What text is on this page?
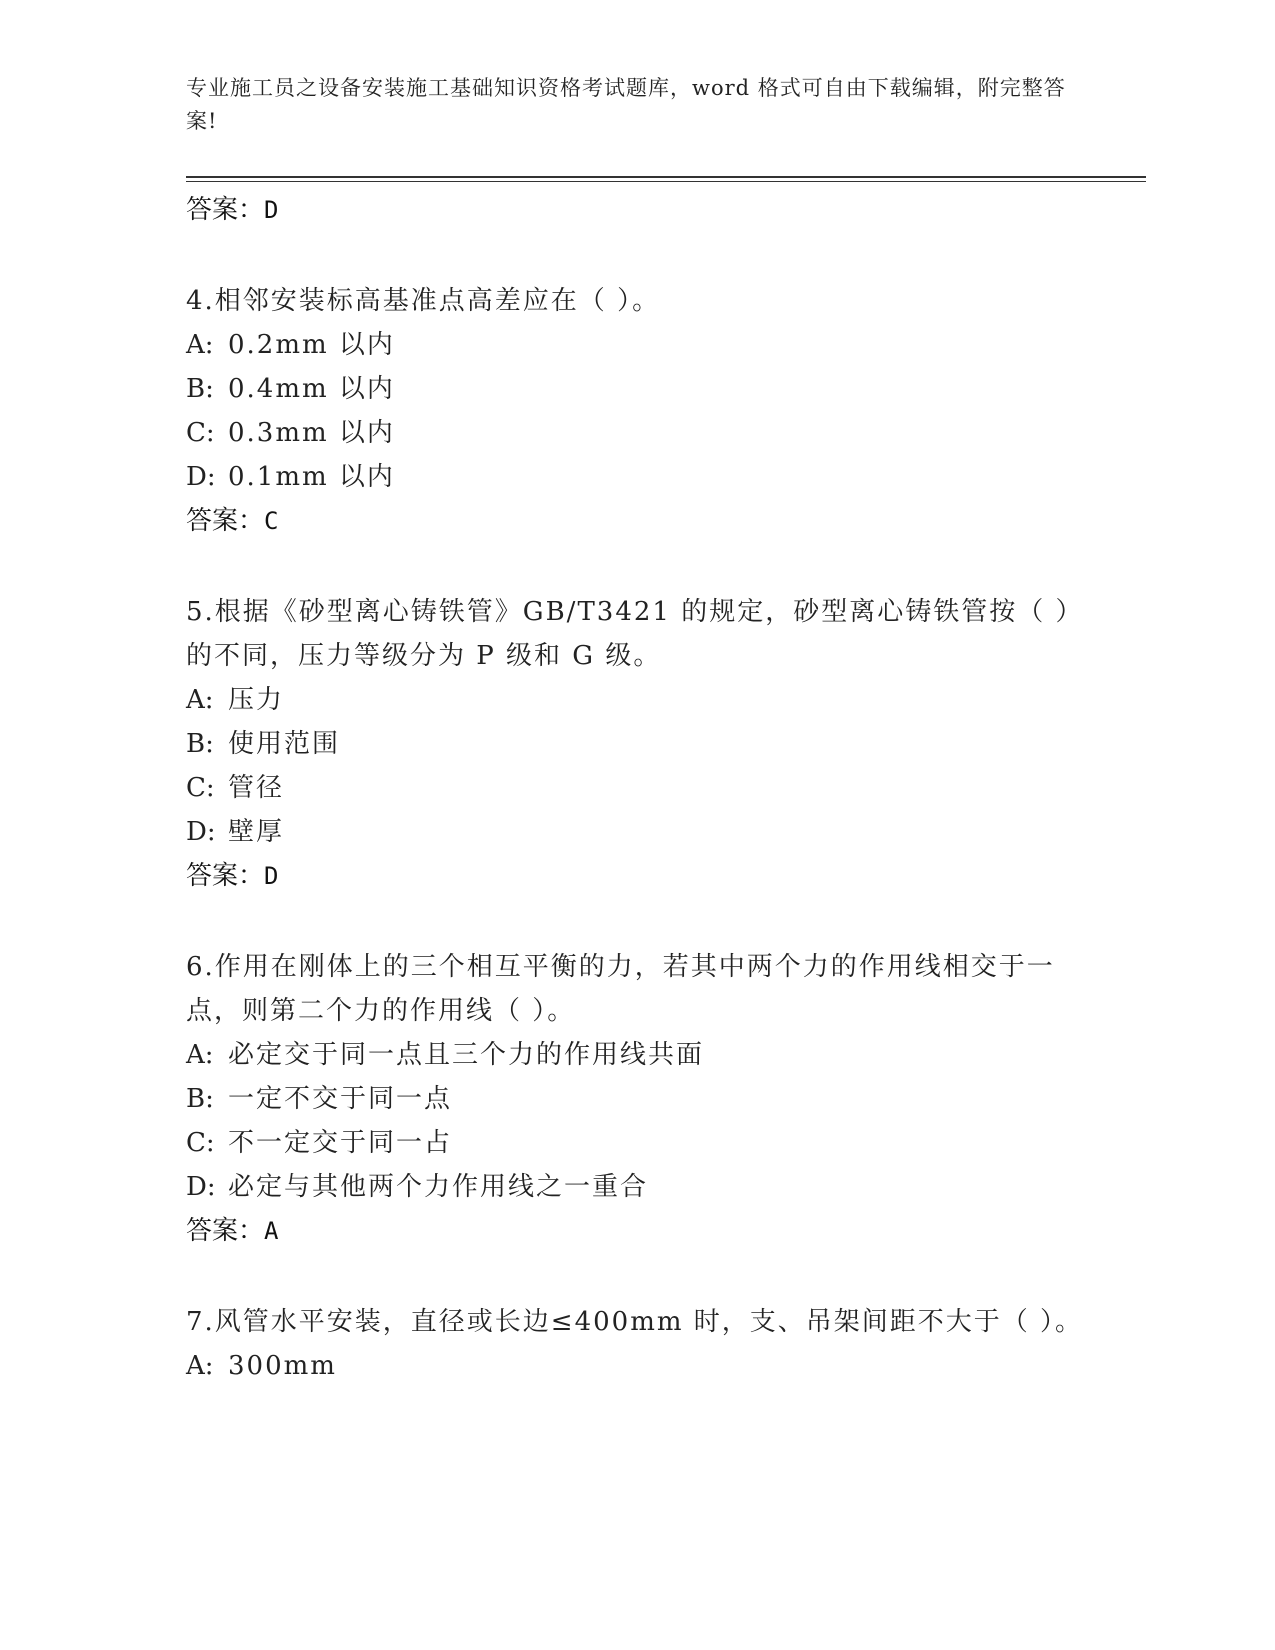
专业施工员之设备安装施工基础知识资格考试题库，word 格式可自由下载编辑，附完整答案!
答案：D
4.相邻安装标高基准点高差应在（ ）。
A: 0.2mm 以内
B: 0.4mm 以内
C: 0.3mm 以内
D: 0.1mm 以内
答案：C
5.根据《砂型离心铸铁管》GB/T3421 的规定，砂型离心铸铁管按（ ）的不同，压力等级分为 P 级和 G 级。
A: 压力
B: 使用范围
C: 管径
D: 壁厚
答案：D
6.作用在刚体上的三个相互平衡的力，若其中两个力的作用线相交于一点，则第二个力的作用线（ ）。
A: 必定交于同一点且三个力的作用线共面
B: 一定不交于同一点
C: 不一定交于同一占
D: 必定与其他两个力作用线之一重合
答案：A
7.风管水平安装，直径或长边≤400mm 时，支、吊架间距不大于（ ）。
A: 300mm
